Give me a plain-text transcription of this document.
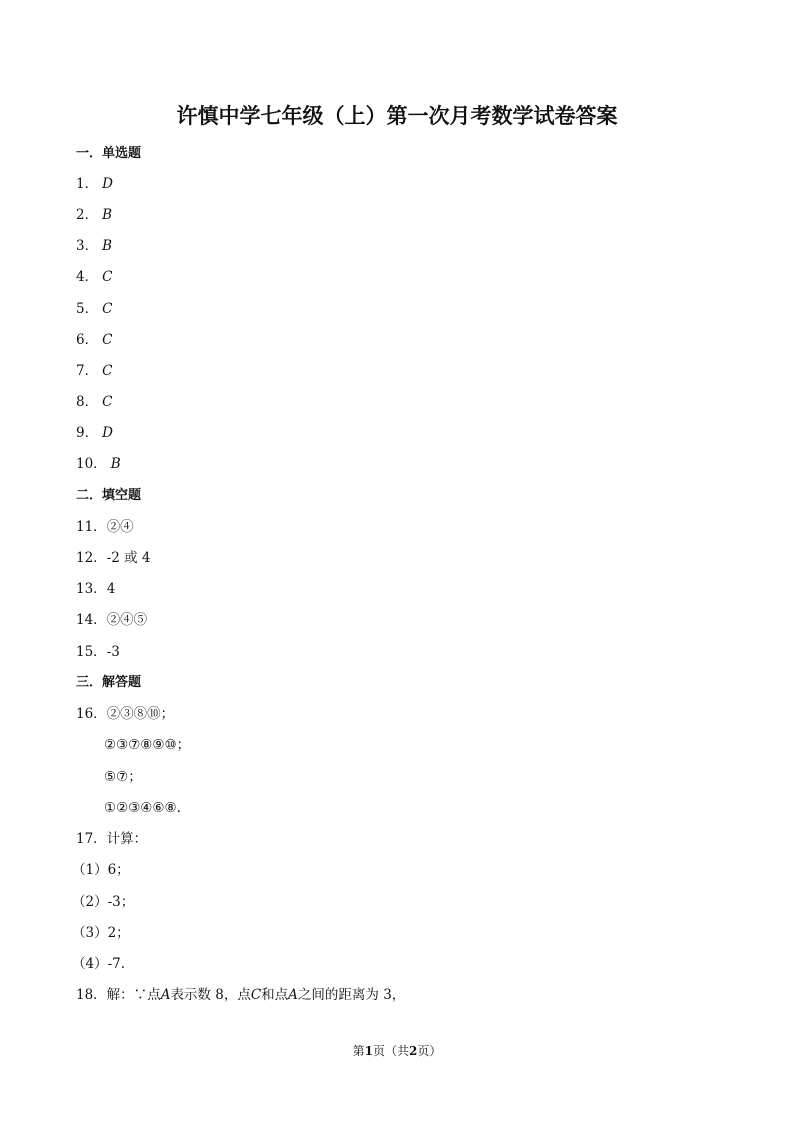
许慎中学七年级（上）第一次月考数学试卷答案
一．单选题
1． D
2． B
3． B
4． C
5． C
6． C
7． C
8． C
9． D
10． B
二．填空题
11．②④
12．-2 或 4
13．4
14．②④⑤
15．-3
三．解答题
16．②③⑧⑩；
②③⑦⑧⑨⑩；
⑤⑦；
①②③④⑥⑧.
17．计算：
（1）6；
（2）-3；
（3）2；
（4）-7.
18．解：∵点A表示数 8，点C和点A之间的距离为 3，
第1页（共2页）
